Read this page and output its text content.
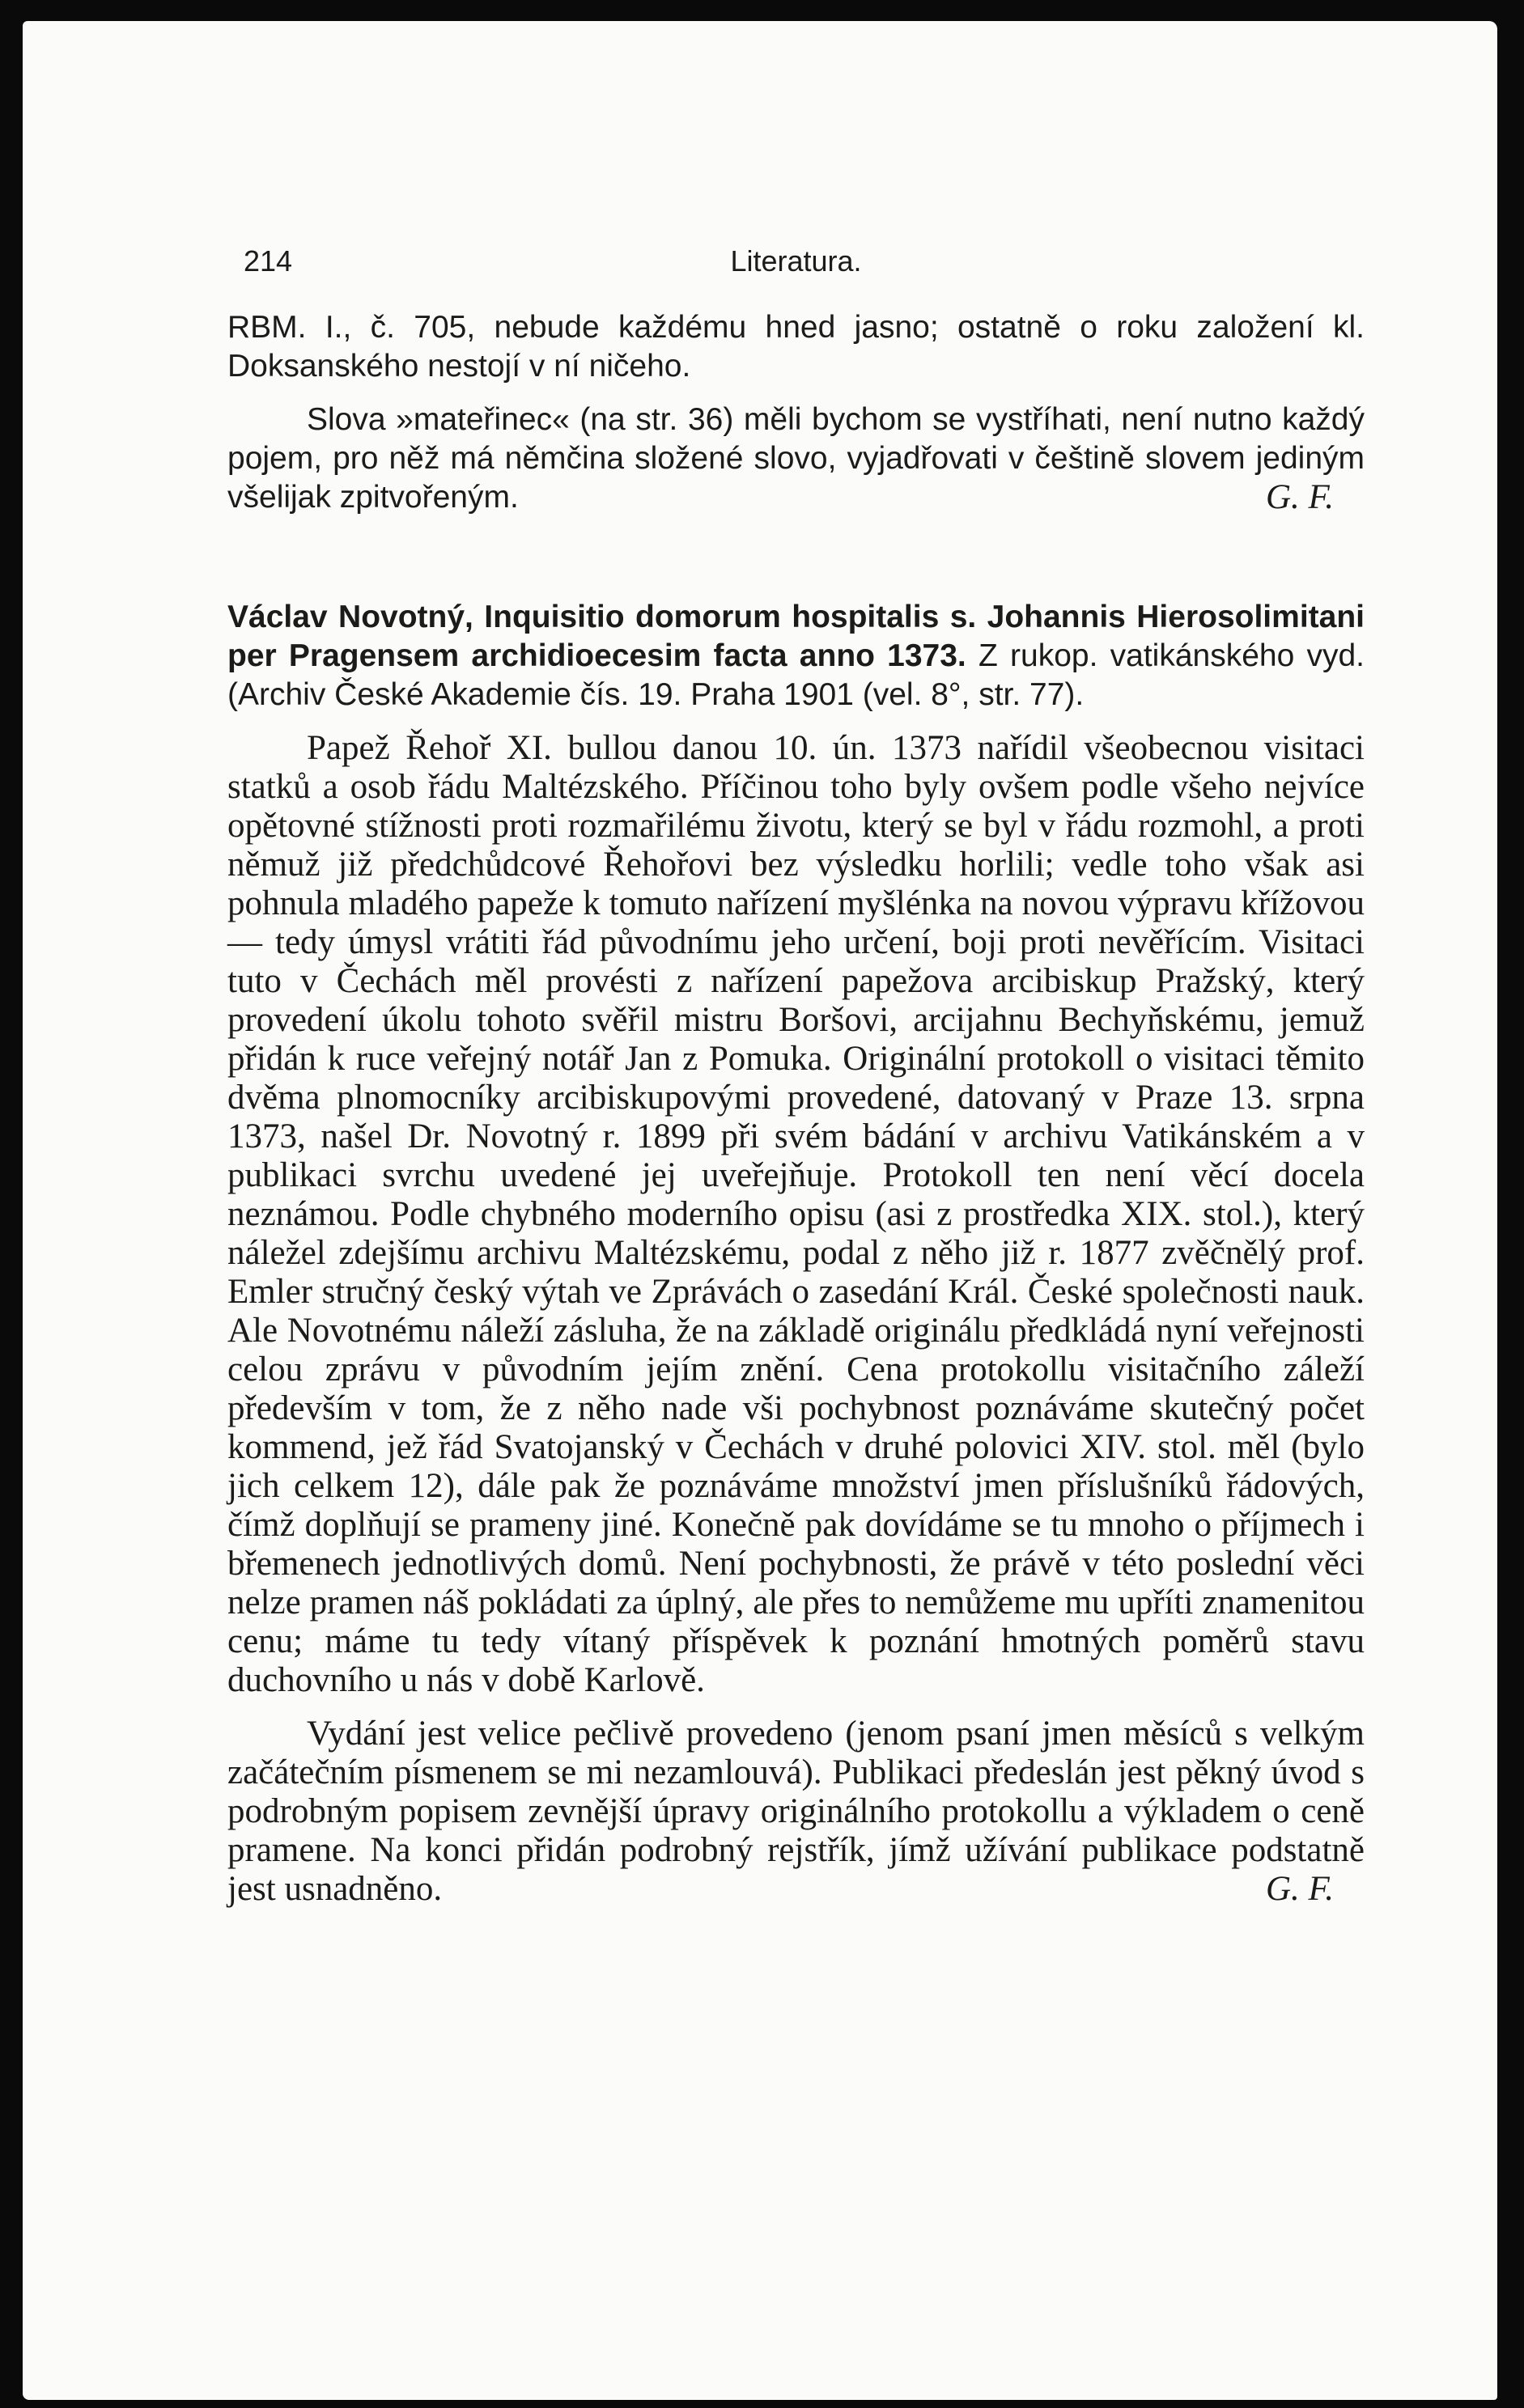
214	Literatura.

RBM. I., č. 705, nebude každému hned jasno; ostatně o roku založení kl. Doksanského nestojí v ní ničeho.

Slova »mateřinec« (na str. 36) měli bychom se vystříhati, není nutno každý pojem, pro něž má němčina složené slovo, vyjadřovati v češtině slovem jediným všelijak zpitvořeným.	G. F.

Václav Novotný, Inquisitio domorum hospitalis s. Johannis Hierosolimitani per Pragensem archidioecesim facta anno 1373. Z rukop. vatikánského vyd. (Archiv České Akademie čís. 19. Praha 1901 (vel. 8°, str. 77).

Papež Řehoř XI. bullou danou 10. ún. 1373 nařídil všeobecnou visitaci statků a osob řádu Maltézského. Příčinou toho byly ovšem podle všeho nejvíce opětovné stížnosti proti rozmařilému životu, který se byl v řádu rozmohl, a proti němuž již předchůdcové Řehořovi bez výsledku horlili; vedle toho však asi pohnula mladého papeže k tomuto nařízení myšlénka na novou výpravu křížovou — tedy úmysl vrátiti řád původnímu jeho určení, boji proti nevěřícím. Visitaci tuto v Čechách měl provésti z nařízení papežova arcibiskup Pražský, který provedení úkolu tohoto svěřil mistru Boršovi, arcijahnu Bechyňskému, jemuž přidán k ruce veřejný notář Jan z Pomuka. Originální protokoll o visitaci těmito dvěma plnomocníky arcibiskupovými provedené, datovaný v Praze 13. srpna 1373, našel Dr. Novotný r. 1899 při svém bádání v archivu Vatikánském a v publikaci svrchu uvedené jej uveřejňuje. Protokoll ten není věcí docela neznámou. Podle chybného moderního opisu (asi z prostředka XIX. stol.), který náležel zdejšímu archivu Maltézskému, podal z něho již r. 1877 zvěčnělý prof. Emler stručný český výtah ve Zprávách o zasedání Král. České společnosti nauk. Ale Novotnému náleží zásluha, že na základě originálu předkládá nyní veřejnosti celou zprávu v původním jejím znění. Cena protokollu visitačního záleží především v tom, že z něho nade vši pochybnost poznáváme skutečný počet kommend, jež řád Svatojanský v Čechách v druhé polovici XIV. stol. měl (bylo jich celkem 12), dále pak že poznáváme množství jmen příslušníků řádových, čímž doplňují se prameny jiné. Konečně pak dovídáme se tu mnoho o příjmech i břemenech jednotlivých domů. Není pochybnosti, že právě v této poslední věci nelze pramen náš pokládati za úplný, ale přes to nemůžeme mu upříti znamenitou cenu; máme tu tedy vítaný příspěvek k poznání hmotných poměrů stavu duchovního u nás v době Karlově.

Vydání jest velice pečlivě provedeno (jenom psaní jmen měsíců s velkým začátečním písmenem se mi nezamlouvá). Publikaci předeslán jest pěkný úvod s podrobným popisem zevnější úpravy originálního protokollu a výkladem o ceně pramene. Na konci přidán podrobný rejstřík, jímž užívání publikace podstatně jest usnadněno.	G. F.
